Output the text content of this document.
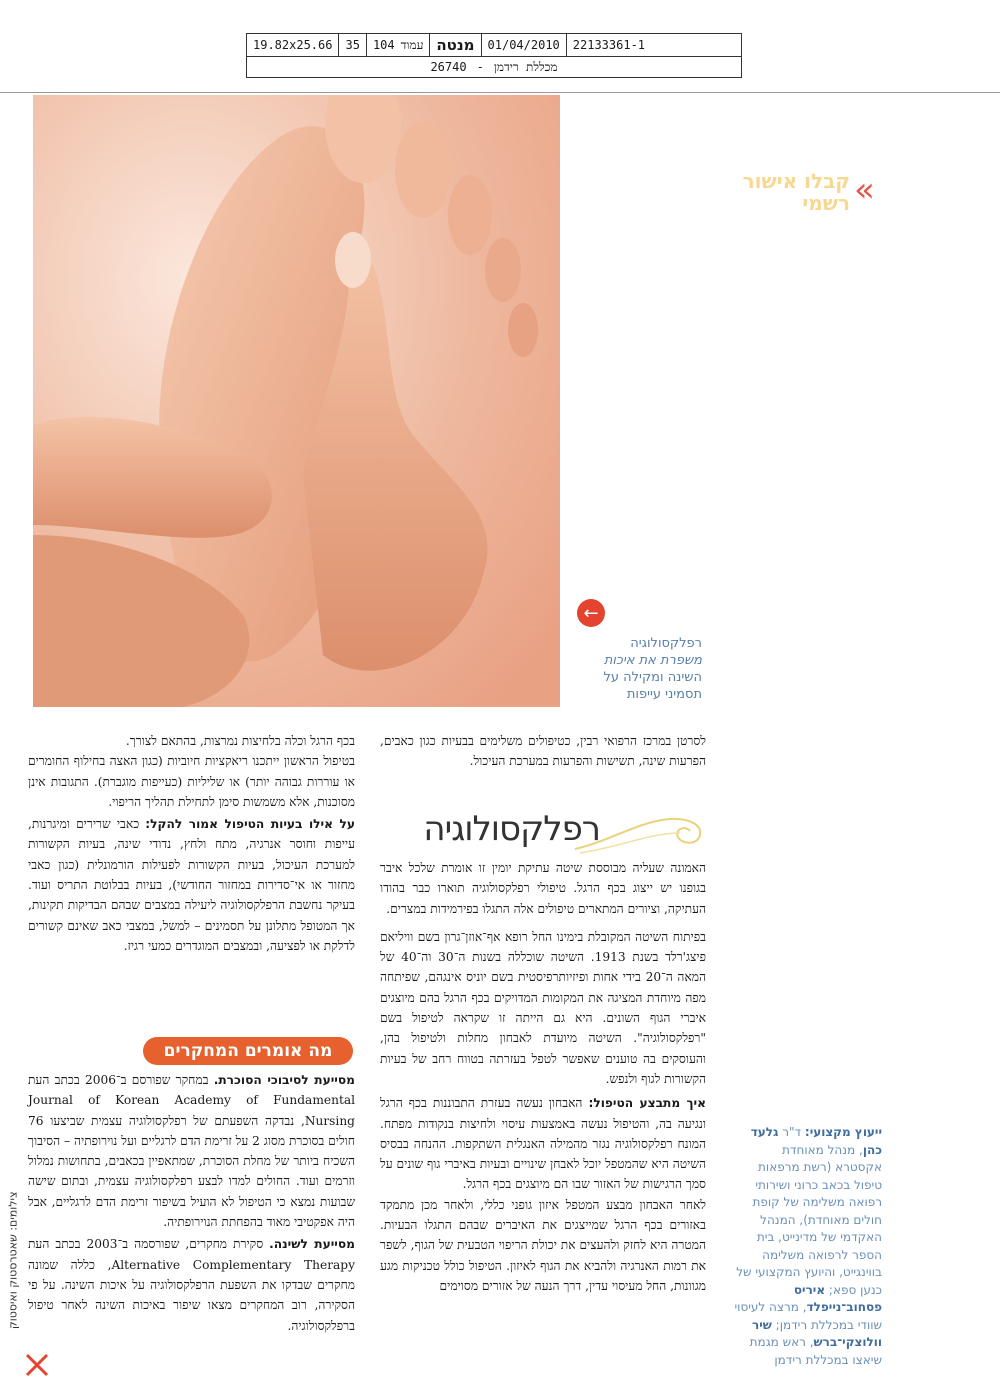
19.82x25.66	35	עמוד
104	מנטה	01/04/2010	22133361-1
מכללת רידמן
-
26740
«
קבלו אישור
רשמי
←
רפלקסולוגיה
משפרת את איכות
השינה ומקילה על
תסמיני עייפות
רפלקסולוגיה

לסרטן במרכז הרפואי רבין, כטיפולים משלימים בבעיות כגון כאבים, הפרעות שינה, תשישות והפרעות במערכת העיכול.

האמונה שעליה מבוססת שיטה עתיקת יומין זו אומרת שלכל איבר בגופנו יש ייצוג בכף הרגל. טיפולי רפלקסולוגיה תוארו כבר בהודו העתיקה, וציורים המתארים טיפולים אלה התגלו בפירמידות במצרים.

בפיתוח השיטה המקובלת בימינו החל רופא אף־אוזן־גרון בשם וויליאם פיצג'רלד בשנת 1913. השיטה שוכללה בשנות ה־30 וה־40 של המאה ה־20 בידי אחות ופיזיותרפיסטית בשם יוניס אינגהם, שפיתחה מפה מיוחדת המציגה את המקומות המדויקים בכף הרגל בהם מיוצגים איברי הגוף השונים. היא גם הייתה זו שקראה לטיפול בשם "רפלקסולוגיה". השיטה מיועדת לאבחון מחלות ולטיפול בהן, והעוסקים בה טוענים שאפשר לטפל בעזרתה בטווח רחב של בעיות הקשורות לגוף ולנפש.

איך מתבצע הטיפול: האבחון נעשה בעזרת התבוננות בכף הרגל ונגיעה בה, והטיפול נעשה באמצעות עיסוי ולחיצות בנקודות מפתח. המונח רפלקסולוגיה נגזר מהמילה האנגלית השתקפות. ההנחה בבסיס השיטה היא שהמטפל יוכל לאבחן שינויים ובעיות באיברי גוף שונים על סמך הרגישות של האזור שבו הם מיוצגים בכף הרגל.

לאחר האבחון מבצע המטפל איזון גופני כללי, ולאחר מכן מתמקד באזורים בכף הרגל שמייצגים את האיברים שבהם התגלו הבעיות. המטרה היא לחזק ולהעצים את יכולת הריפוי הטבעית של הגוף, לשפר את רמות האנרגיה ולהביא את הגוף לאיזון. הטיפול כולל טכניקות מגע מגוונות, החל מעיסוי עדין, דרך הנעה של אזורים מסוימים

בכף הרגל וכלה בלחיצות נמרצות, בהתאם לצורך.

בטיפול הראשון ייתכנו ריאקציות חיוביות (כגון האצה בחילוף החומרים או עוררות גבוהה יותר) או שליליות (כעייפות מוגברת). התגובות אינן מסוכנות, אלא משמשות סימן לתחילת תהליך הריפוי.

על אילו בעיות הטיפול אמור להקל: כאבי שרירים ומיגרנות, עייפות וחוסר אנרגיה, מתח ולחץ, נדודי שינה, בעיות הקשורות למערכת העיכול, בעיות הקשורות לפעילות הורמונלית (כגון כאבי מחזור או אי־סדירות במחזור החודשי), בעיות בבלוטת התריס ועוד. בעיקר נחשבת הרפלקסולוגיה ליעילה במצבים שבהם הבדיקות תקינות, אך המטופל מתלונן על תסמינים – למשל, במצבי כאב שאינם קשורים לדלקת או לפציעה, ובמצבים המוגדרים כמעי רגיז.

מה אומרים המחקרים

מסייעת לסיבוכי הסוכרת. במחקר שפורסם ב־2006 בכתב העת Journal of Korean Academy of Fundamental Nursing, נבדקה השפעתם של רפלקסולוגיה עצמית שביצעו 76 חולים בסוכרת מסוג 2 על זרימת הדם לרגליים ועל נוירופתיה – הסיבוך השכיח ביותר של מחלת הסוכרת, שמתאפיין בכאבים, בתחושות נמלול וזרמים ועוד. החולים למדו לבצע רפלקסולוגיה עצמית, ובתום שישה שבועות נמצא כי הטיפול לא הועיל בשיפור זרימת הדם לרגליים, אבל היה אפקטיבי מאוד בהפחתת הנוירופתיה.

מסייעת לשינה. סקירת מחקרים, שפורסמה ב־2003 בכתב העת Alternative Complementary Therapy, כללה שמונה מחקרים שבדקו את השפעת הרפלקסולוגיה על איכות השינה. על פי הסקירה, רוב המחקרים מצאו שיפור באיכות השינה לאחר טיפול ברפלקסולוגיה.

ייעוץ מקצועי: ד"ר גלעד כהן, מנהל מאוחדת אקסטרא (רשת מרפאות טיפול בכאב כרוני ושירותי רפואה משלימה של קופת חולים מאוחדת), המנהל האקדמי של מדינייט, בית הספר לרפואה משלימה בווינגייט, והיועץ המקצועי של כנען ספא; איריס פסחוב־נייפלד, מרצה לעיסוי שוודי במכללת רידמן; שיר וולוצקי־ברש, ראש מגמת שיאצו במכללת רידמן
צילומים: שאטרסטוק ואיסטוק
